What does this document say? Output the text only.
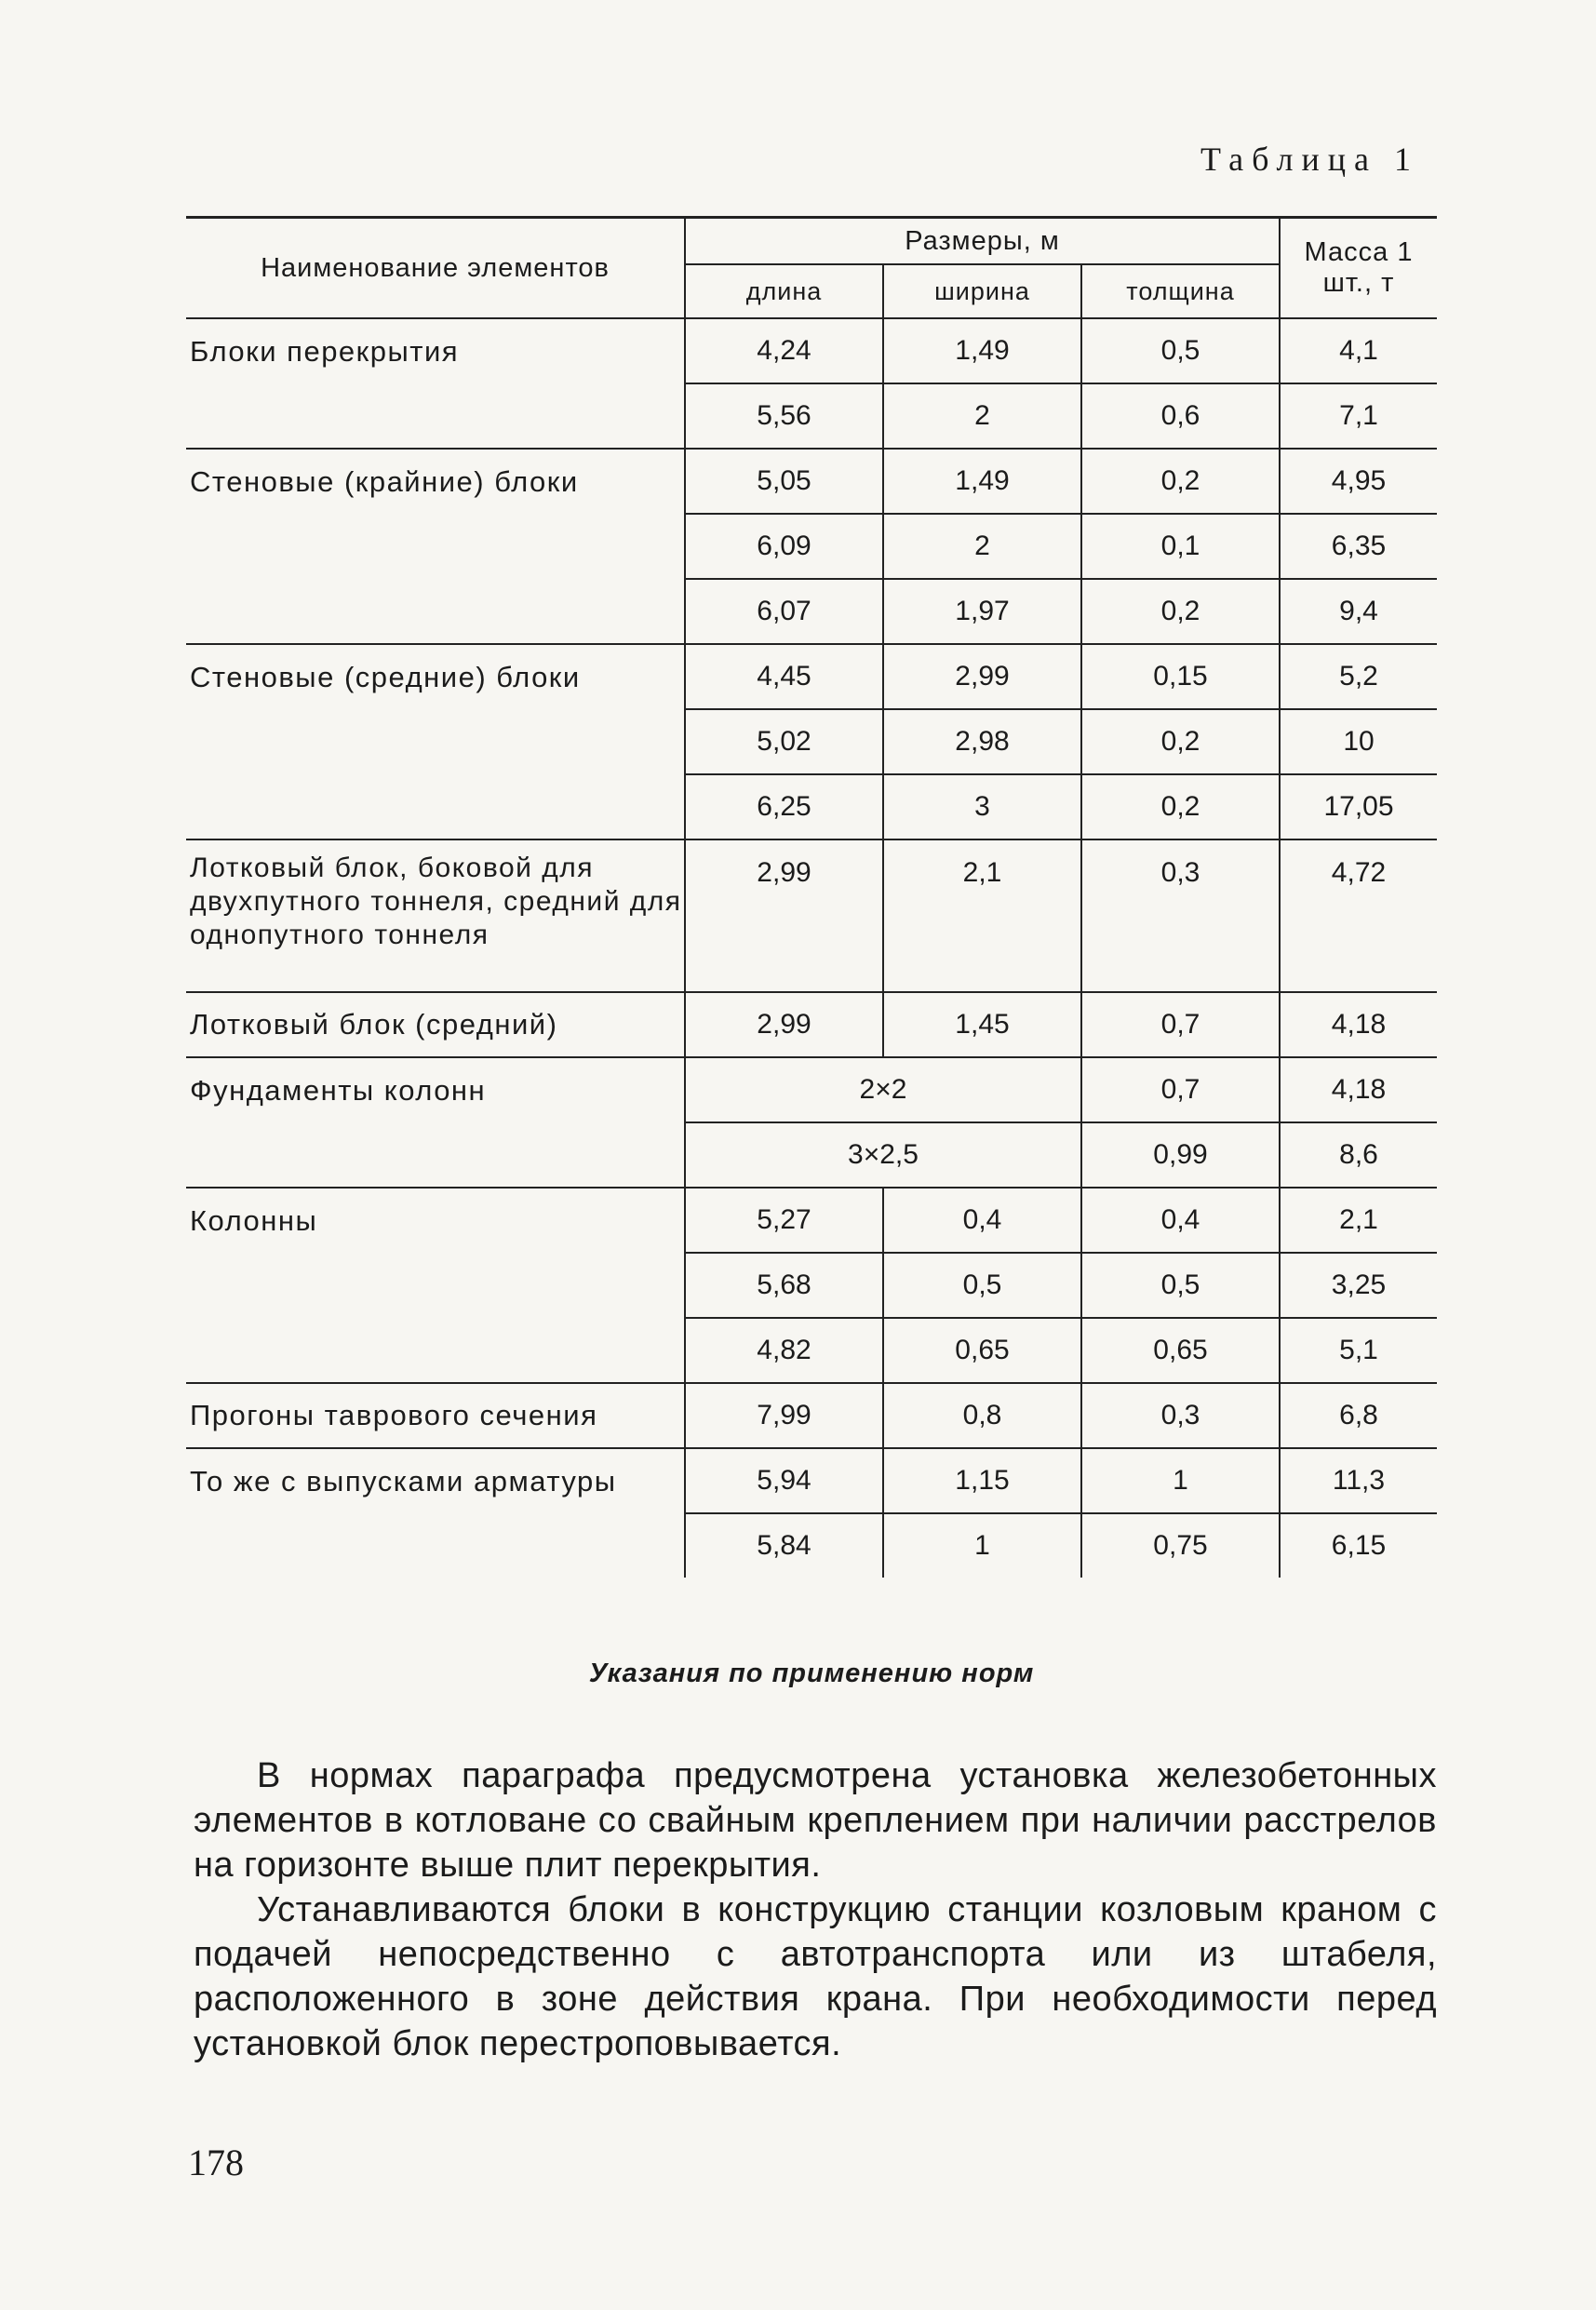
Таблица 1
Наименование элементов	Размеры, м			Масса 1 шт., т
	длина	ширина	толщина	
Блоки перекрытия	4,24	1,49	0,5	4,1
	5,56	2	0,6	7,1
Стеновые (крайние) блоки	5,05	1,49	0,2	4,95
	6,09	2	0,1	6,35
	6,07	1,97	0,2	9,4
Стеновые (средние) блоки	4,45	2,99	0,15	5,2
	5,02	2,98	0,2	10
	6,25	3	0,2	17,05
Лотковый блок, боковой для двухпутного тоннеля, средний для однопутного тоннеля	2,99	2,1	0,3	4,72
Лотковый блок (средний)	2,99	1,45	0,7	4,18
Фундаменты колонн	2×2		0,7	4,18
	3×2,5		0,99	8,6
Колонны	5,27	0,4	0,4	2,1
	5,68	0,5	0,5	3,25
	4,82	0,65	0,65	5,1
Прогоны таврового сечения	7,99	0,8	0,3	6,8
То же с выпусками арматуры	5,94	1,15	1	11,3
	5,84	1	0,75	6,15
Указания по применению норм

В нормах параграфа предусмотрена установка железобетонных элементов в котловане со свайным креплением при наличии расстрелов на горизонте выше плит перекрытия.

Устанавливаются блоки в конструкцию станции козловым краном с подачей непосредственно с автотранспорта или из штабеля, расположенного в зоне действия крана. При необходимости перед установкой блок перестроповывается.

178
